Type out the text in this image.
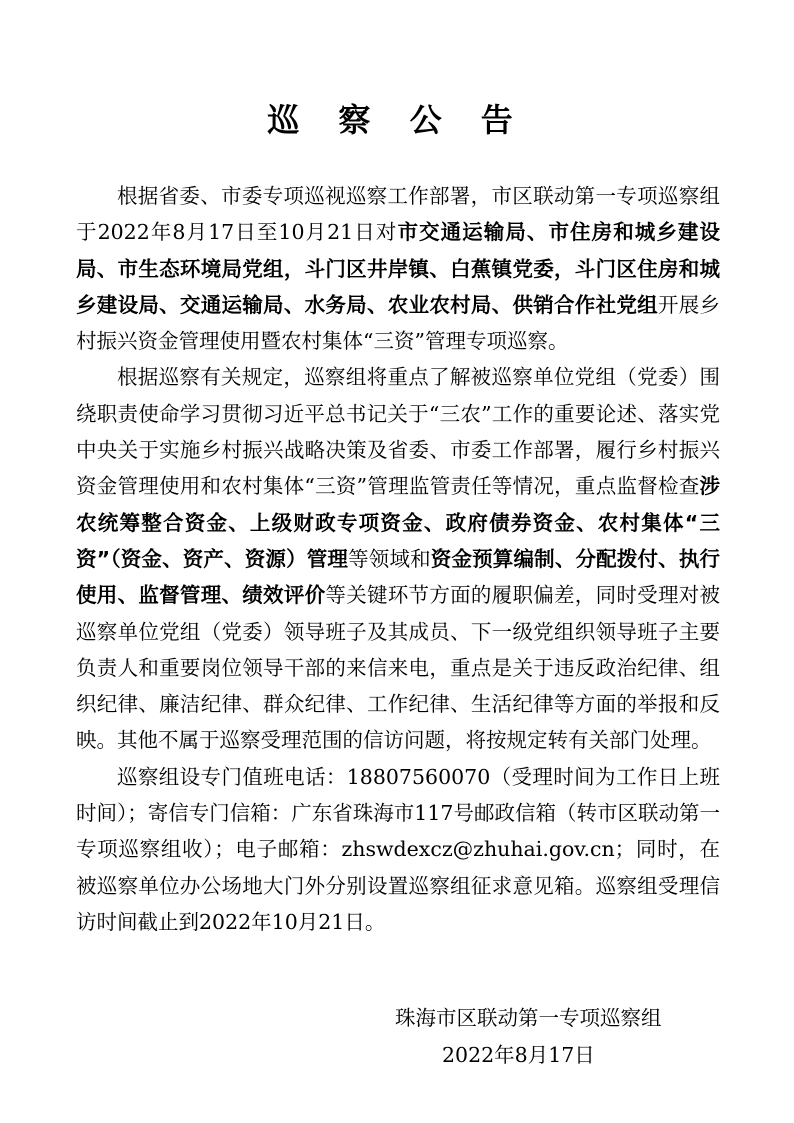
巡 察 公 告

根据省委、市委专项巡视巡察工作部署，市区联动第一专项巡察组于2022年8月17日至10月21日对市交通运输局、市住房和城乡建设局、市生态环境局党组，斗门区井岸镇、白蕉镇党委，斗门区住房和城乡建设局、交通运输局、水务局、农业农村局、供销合作社党组开展乡村振兴资金管理使用暨农村集体“三资”管理专项巡察。

根据巡察有关规定，巡察组将重点了解被巡察单位党组（党委）围绕职责使命学习贯彻习近平总书记关于“三农”工作的重要论述、落实党中央关于实施乡村振兴战略决策及省委、市委工作部署，履行乡村振兴资金管理使用和农村集体“三资”管理监管责任等情况，重点监督检查涉农统筹整合资金、上级财政专项资金、政府债券资金、农村集体“三资”（资金、资产、资源）管理等领域和资金预算编制、分配拨付、执行使用、监督管理、绩效评价等关键环节方面的履职偏差，同时受理对被巡察单位党组（党委）领导班子及其成员、下一级党组织领导班子主要负责人和重要岗位领导干部的来信来电，重点是关于违反政治纪律、组织纪律、廉洁纪律、群众纪律、工作纪律、生活纪律等方面的举报和反映。其他不属于巡察受理范围的信访问题，将按规定转有关部门处理。

巡察组设专门值班电话：18807560070（受理时间为工作日上班时间）；寄信专门信箱：广东省珠海市117号邮政信箱（转市区联动第一专项巡察组收）；电子邮箱：zhswdexcz@zhuhai.gov.cn；同时，在被巡察单位办公场地大门外分别设置巡察组征求意见箱。巡察组受理信访时间截止到2022年10月21日。

珠海市区联动第一专项巡察组
2022年8月17日
